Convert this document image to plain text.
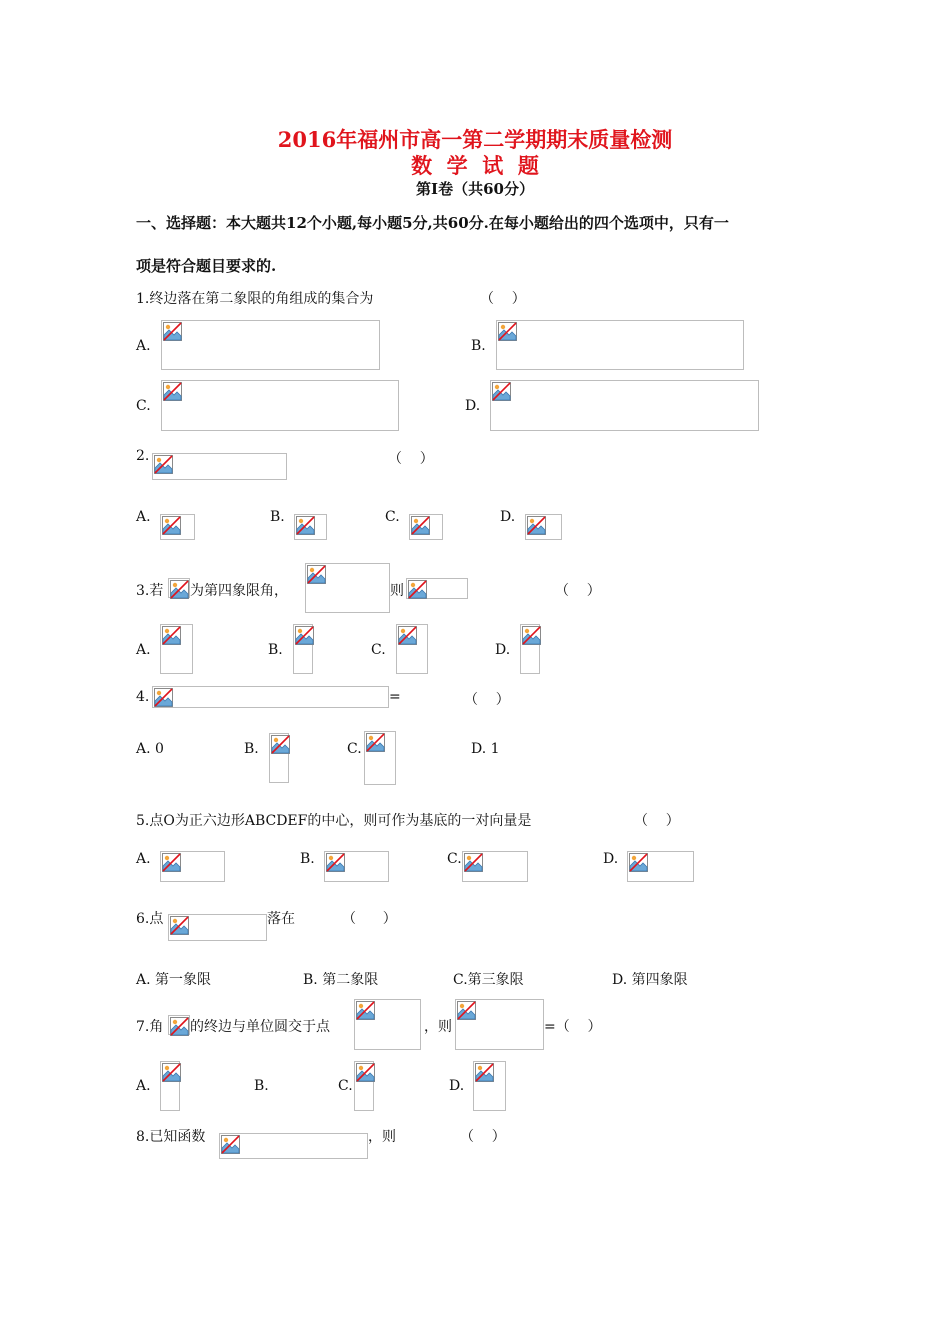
2016年福州市高一第二学期期末质量检测
数  学  试  题
第Ⅰ卷（共60分）
一、选择题：本大题共12个小题,每小题5分,共60分.在每小题给出的四个选项中，只有一
项是符合题目要求的.
1.终边落在第二象限的角组成的集合为	（    ）
A.	B.
C.	D.
2.	（    ）
A.	B.	C.	D.
3.若 为第四象限角，	则	（    ）
A.	B.	C.	D.
4.	=	（    ）
A. 0	B.	C.	D. 1
5.点O为正六边形ABCDEF的中心，则可作为基底的一对向量是	（    ）
A.	B.	C.	D.
6.点	落在	（      ）
A. 第一象限	B. 第二象限	C.第三象限	D. 第四象限
7.角 的终边与单位圆交于点	，则	=（    ）
A.	B.	C.	D.
8.已知函数	，则	（    ）
